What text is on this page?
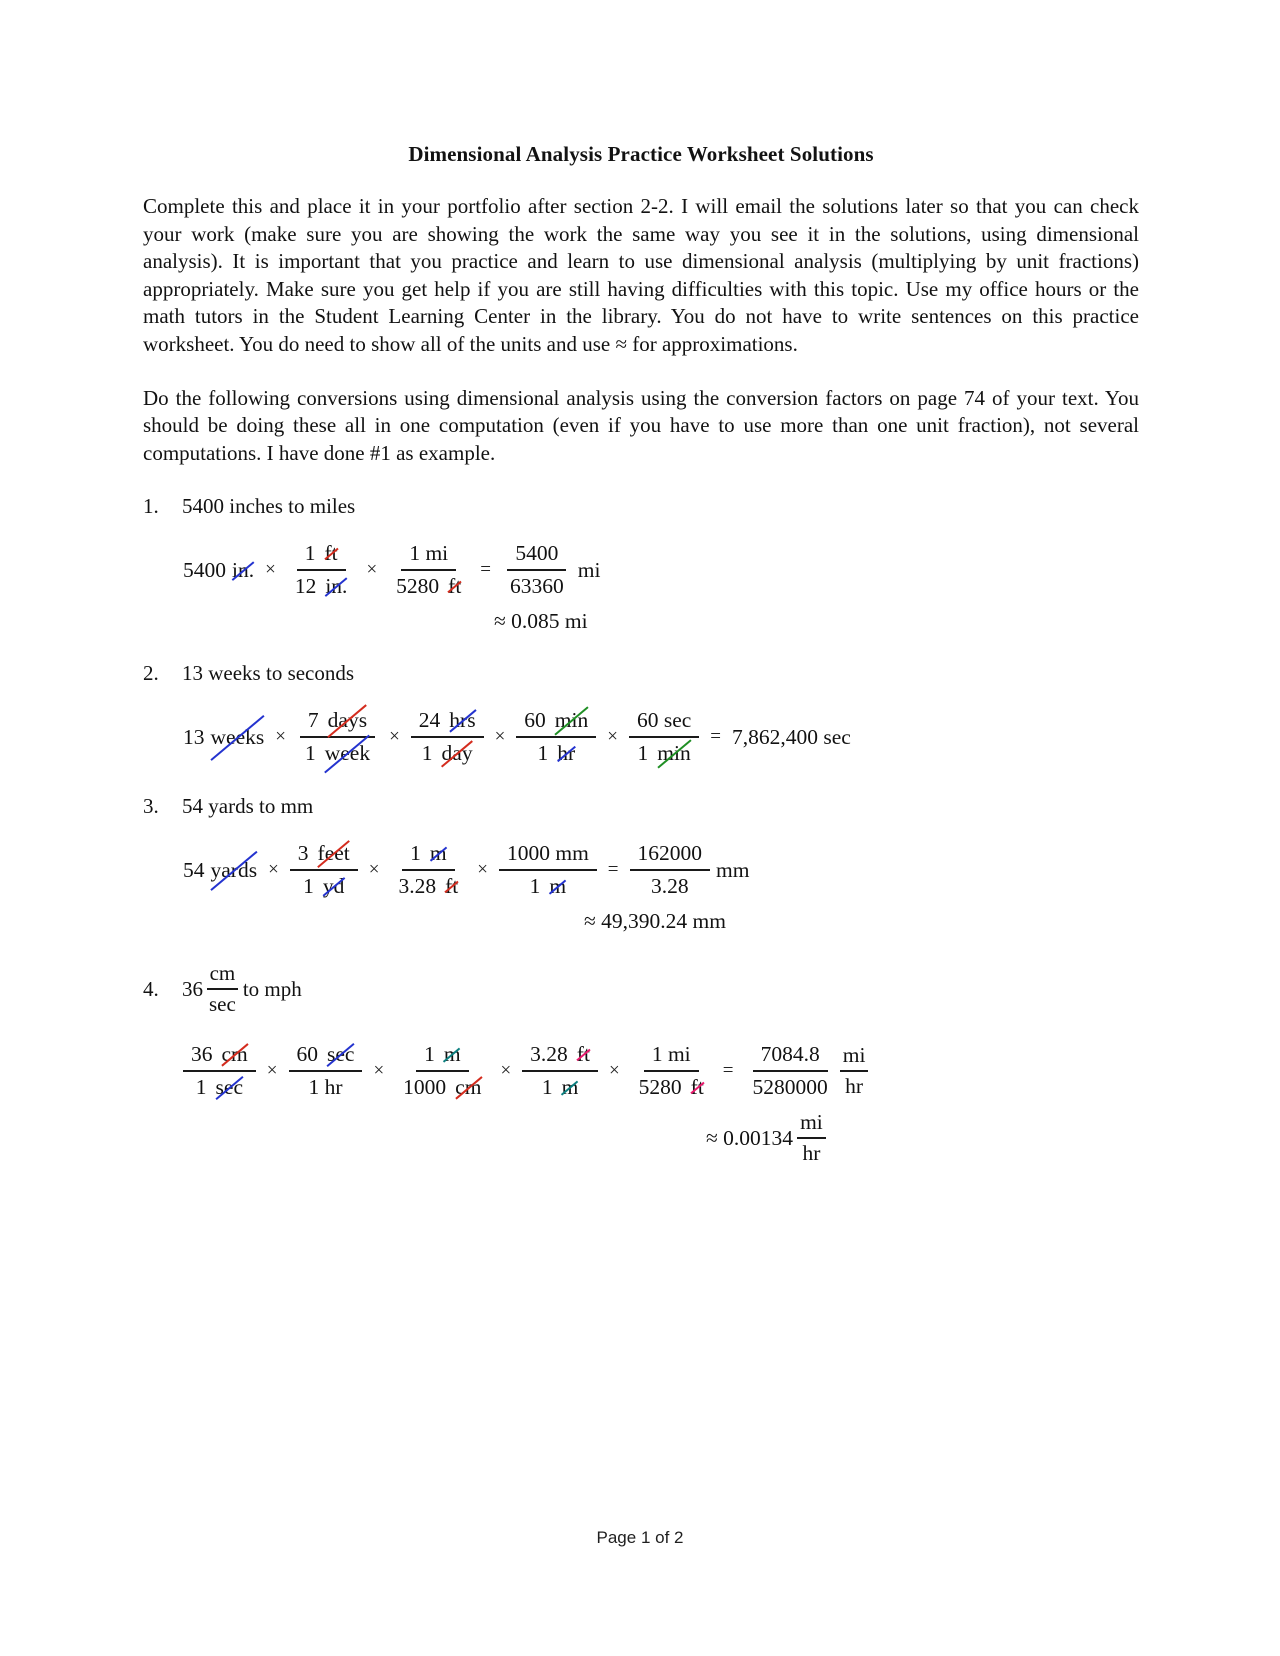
Dimensional Analysis Practice Worksheet Solutions

Complete this and place it in your portfolio after section 2-2. I will email the solutions later so that you can check your work (make sure you are showing the work the same way you see it in the solutions, using dimensional analysis). It is important that you practice and learn to use dimensional analysis (multiplying by unit fractions) appropriately. Make sure you get help if you are still having difficulties with this topic. Use my office hours or the math tutors in the Student Learning Center in the library. You do not have to write sentences on this practice worksheet. You do need to show all of the units and use ≈ for approximations.

Do the following conversions using dimensional analysis using the conversion factors on page 74 of your text. You should be doing these all in one computation (even if you have to use more than one unit fraction), not several computations. I have done #1 as example.

1.	5400 inches to miles
5400 in. × $\frac{1 ft}{12 in.} \times \frac{1 mi}{5280 ft} = \frac{5400}{63360}$ mi
≈ 0.085 mi
2.	13 weeks to seconds
13 weeks × $\frac{\text{7 days}}{\text{1 week}} \times \frac{\text{24 hrs}}{\text{1 day}} \times \frac{60 \min}{1 hr} \times \frac{60 \sec}{1 \min} = 7,862,400$ sec
3.	54 yards to mm
54 yards × $\frac{\text{3 feet}}{1 yd} \times \frac{1 m}{3.28 ft} \times \frac{1000 mm}{1 m} = \frac{162000}{3.28}$ mm
≈ 49,390.24 mm
4.	$36 \frac{cm}{\sec}$ to mph
$\frac{36 cm}{1 \sec} \times \frac{60 \sec}{1 hr} \times \frac{1 m}{1000 cm} \times \frac{3.28 ft}{1 m} \times \frac{1 mi}{5280 ft} = \frac{7084.8}{5280000} \frac{mi}{hr}$
≈ $0.00134 \frac{mi}{hr}$
Page 1 of 2
